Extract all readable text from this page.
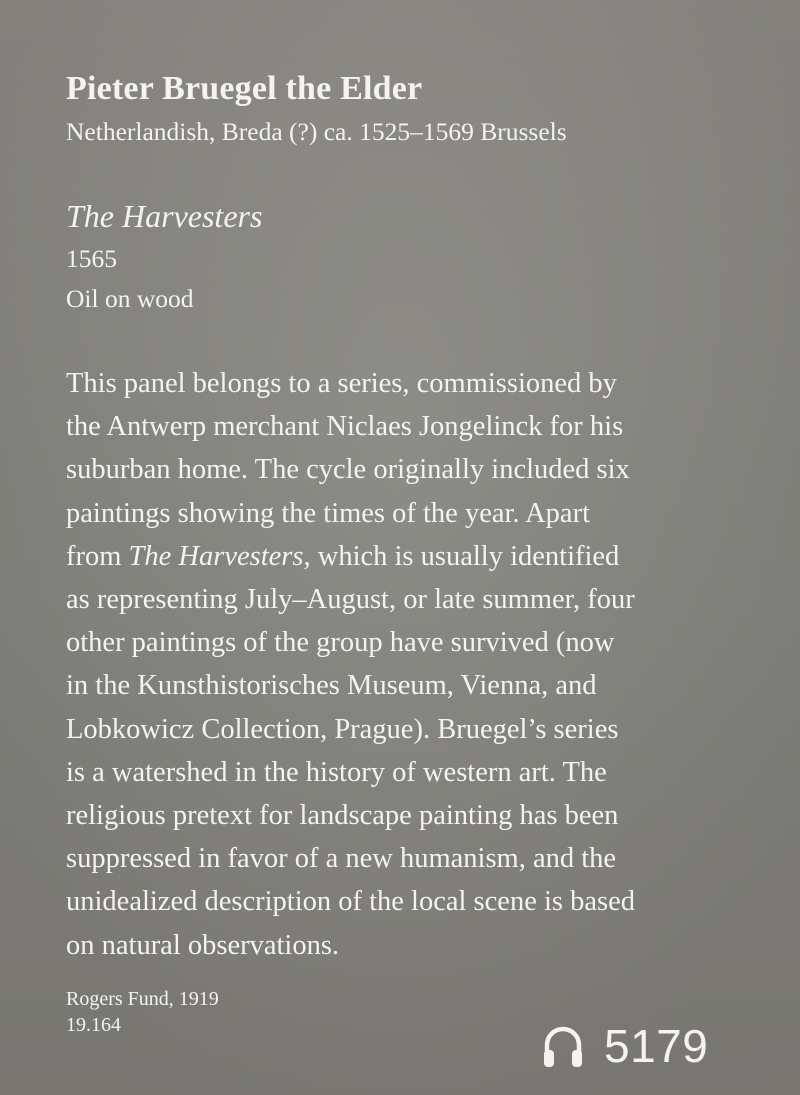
Pieter Bruegel the Elder
Netherlandish, Breda (?) ca. 1525–1569 Brussels
The Harvesters
1565
Oil on wood
This panel belongs to a series, commissioned by
the Antwerp merchant Niclaes Jongelinck for his
suburban home. The cycle originally included six
paintings showing the times of the year. Apart
from The Harvesters, which is usually identified
as representing July–August, or late summer, four
other paintings of the group have survived (now
in the Kunsthistorisches Museum, Vienna, and
Lobkowicz Collection, Prague). Bruegel’s series
is a watershed in the history of western art. The
religious pretext for landscape painting has been
suppressed in favor of a new humanism, and the
unidealized description of the local scene is based
on natural observations.
Rogers Fund, 1919
19.164	5179
